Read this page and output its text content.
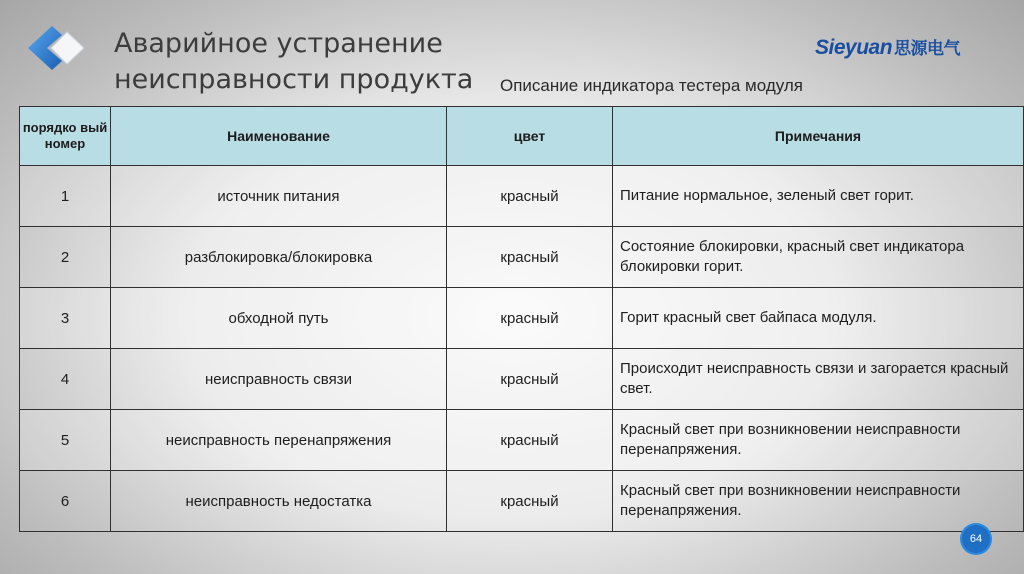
Аварийное устранение
неисправности продукта
Sieyuan 思源电气
Описание индикатора тестера модуля
порядко вый номер	Наименование	цвет	Примечания
1	источник питания	красный	Питание нормальное, зеленый свет горит.
2	разблокировка/блокировка	красный	Состояние блокировки, красный свет индикатора блокировки горит.
3	обходной путь	красный	Горит красный свет байпаса модуля.
4	неисправность связи	красный	Происходит неисправность связи и загорается красный свет.
5	неисправность перенапряжения	красный	Красный свет при возникновении неисправности перенапряжения.
6	неисправность недостатка	красный	Красный свет при возникновении неисправности перенапряжения.
64
